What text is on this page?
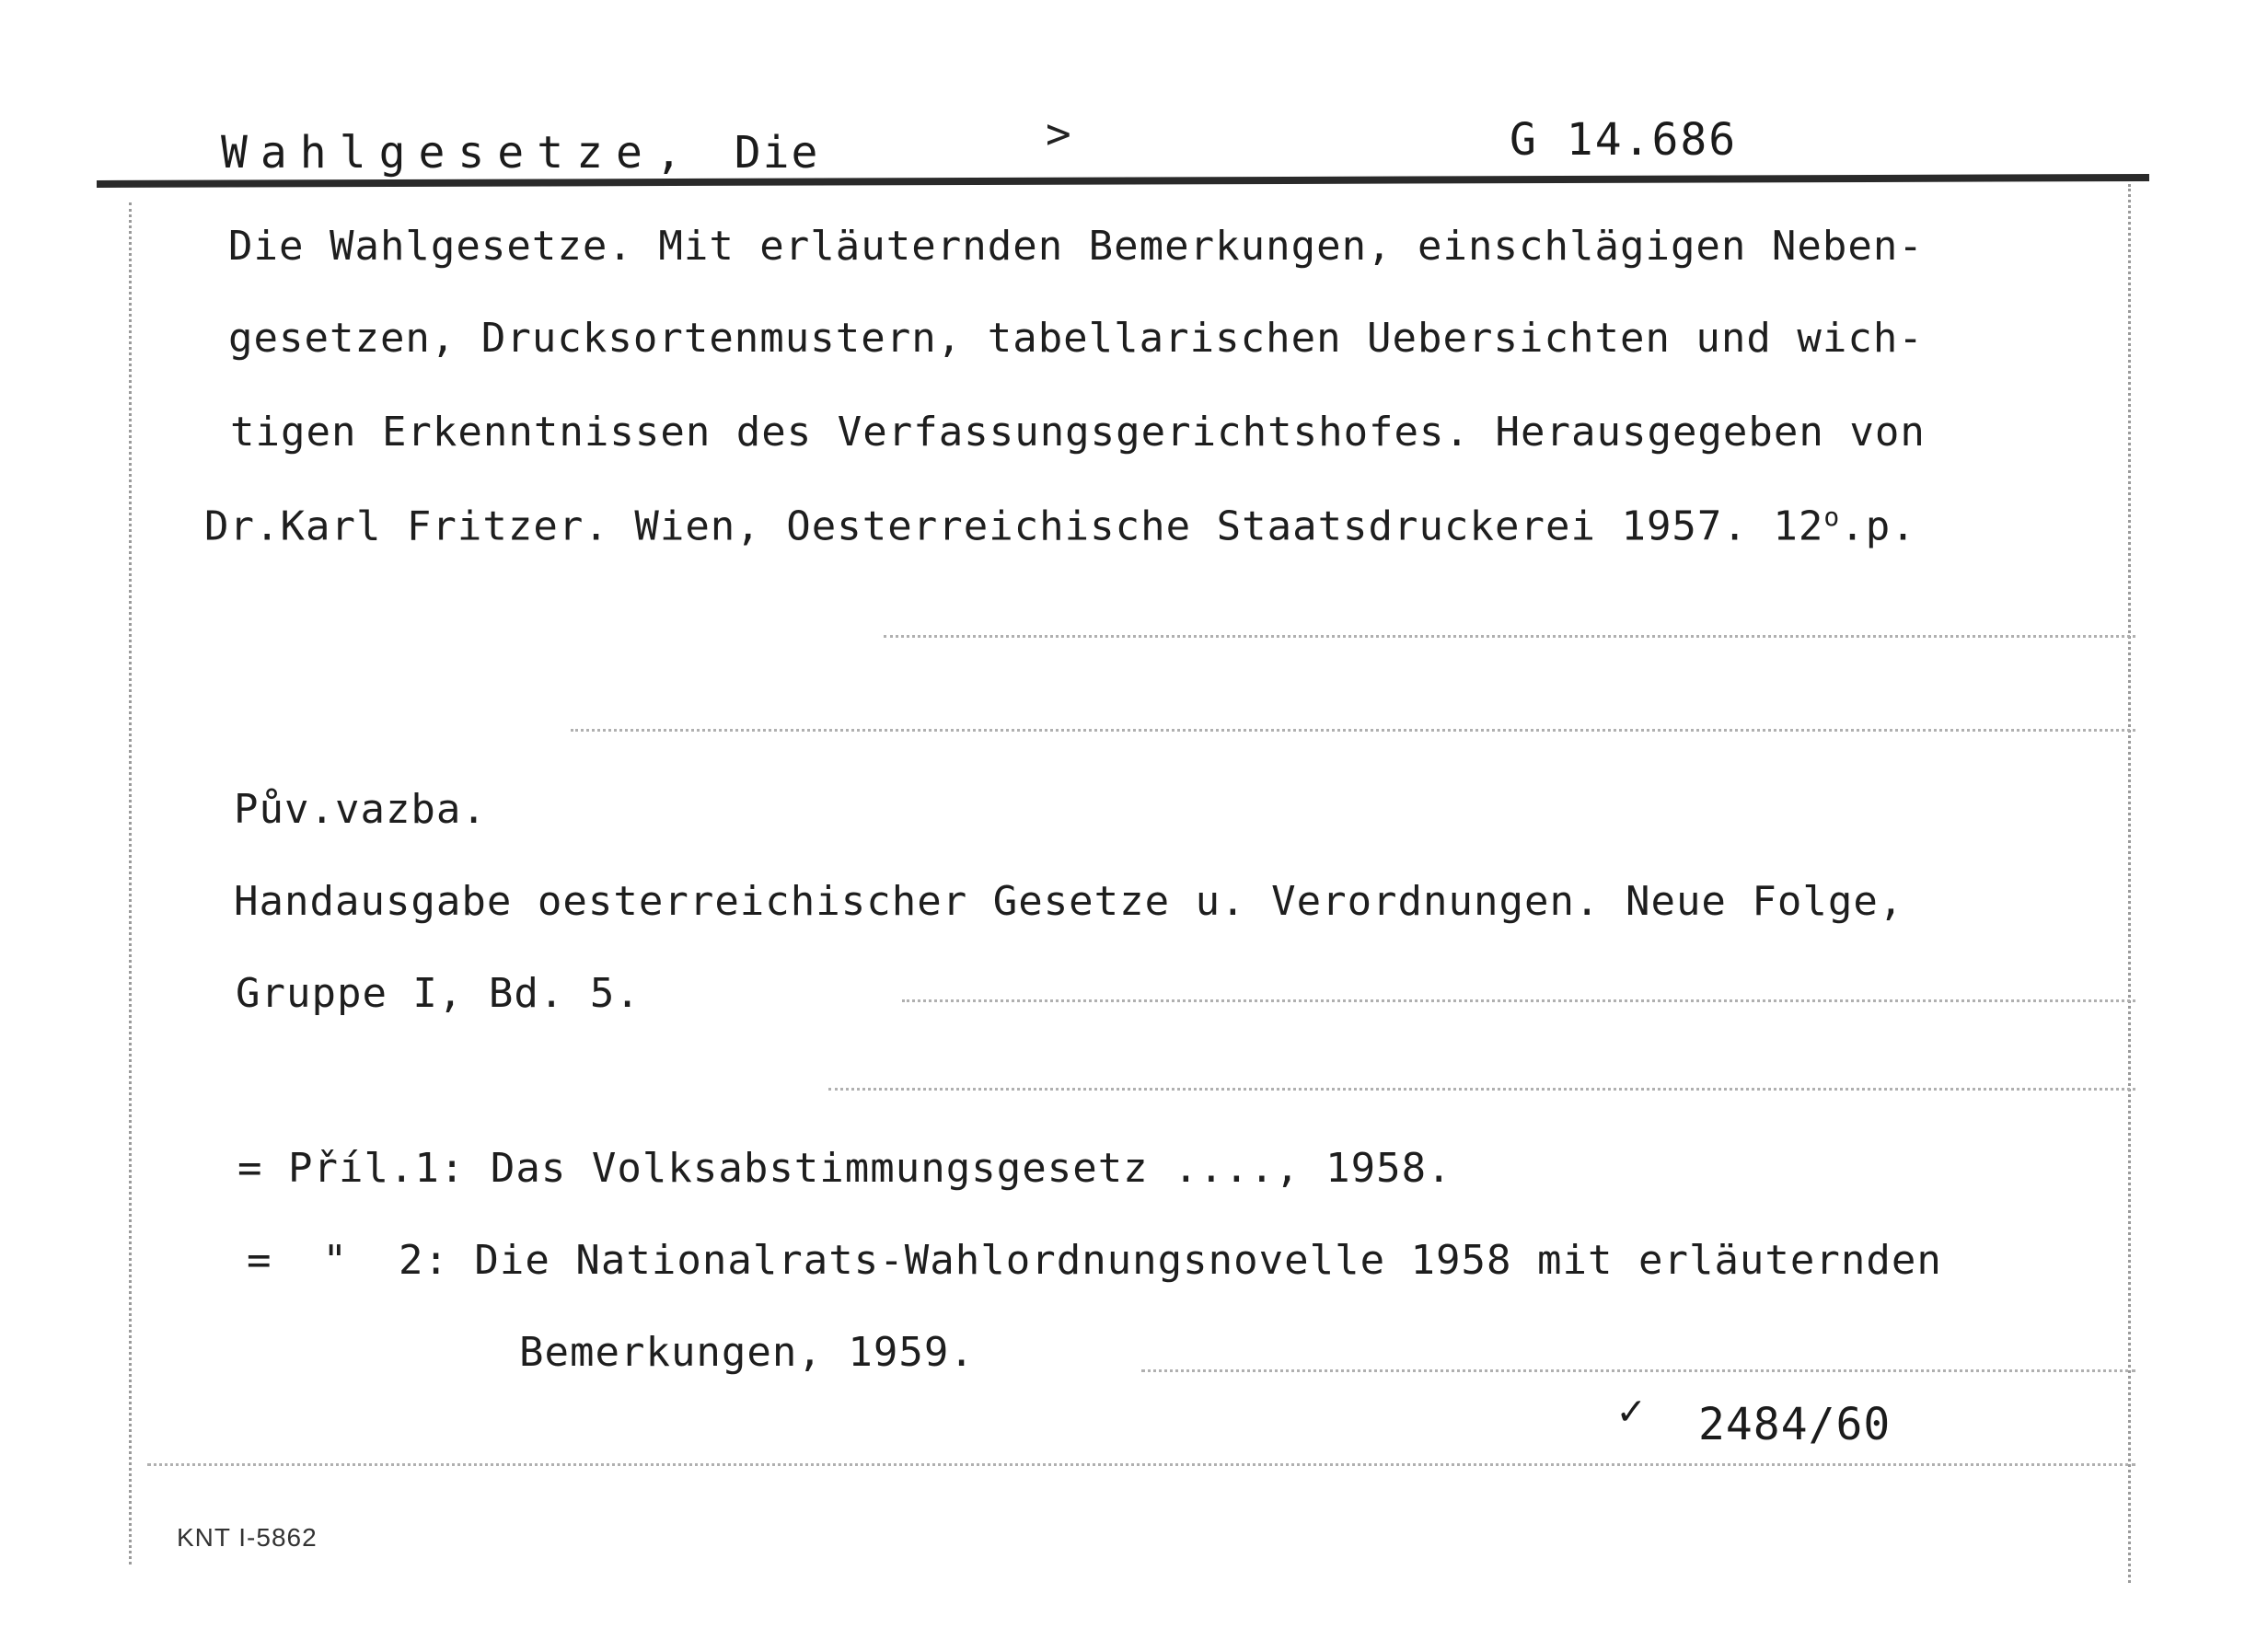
Wahlgesetze, Die	>	G 14.686
Die Wahlgesetze. Mit erläuternden Bemerkungen, einschlägigen Neben-
gesetzen, Drucksortenmustern, tabellarischen Uebersichten und wich-
tigen Erkenntnissen des Verfassungsgerichtshofes. Herausgegeben von
Dr.Karl Fritzer. Wien, Oesterreichische Staatsdruckerei 1957. 12$^o$.p.
Pův.vazba.
Handausgabe oesterreichischer Gesetze u. Verordnungen. Neue Folge,
Gruppe I, Bd. 5.
= Příl.1: Das Volksabstimmungsgesetz ...., 1958.
=  "  2: Die Nationalrats-Wahlordnungsnovelle 1958 mit erläuternden
Bemerkungen, 1959.
✓ 2484/60
KNT I-5862
